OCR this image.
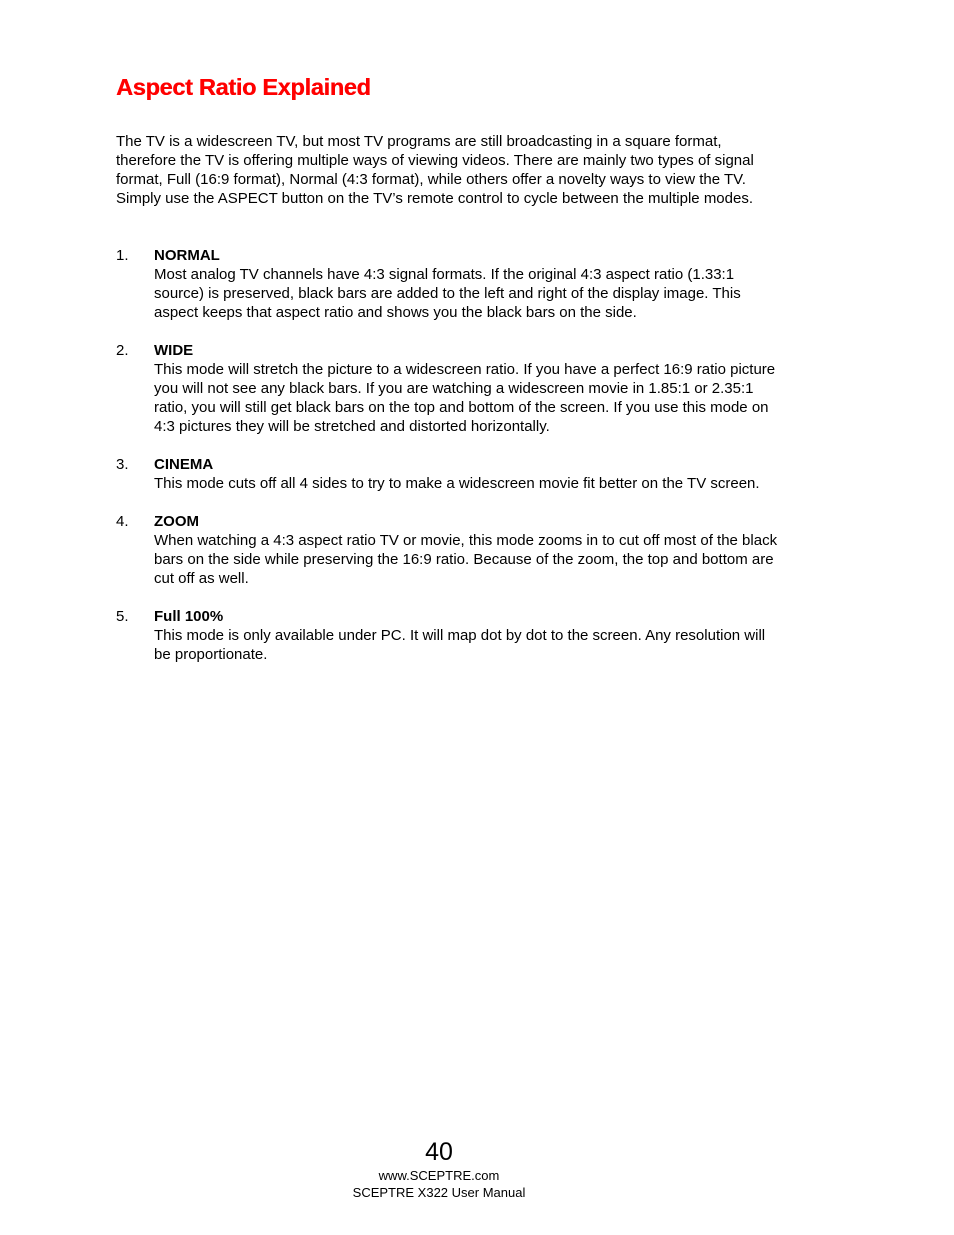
Aspect Ratio Explained

The TV is a widescreen TV, but most TV programs are still broadcasting in a square format, therefore the TV is offering multiple ways of viewing videos. There are mainly two types of signal format, Full (16:9 format), Normal (4:3 format), while others offer a novelty ways to view the TV. Simply use the ASPECT button on the TV’s remote control to cycle between the multiple modes.

1. NORMAL

Most analog TV channels have 4:3 signal formats. If the original 4:3 aspect ratio (1.33:1 source) is preserved, black bars are added to the left and right of the display image. This aspect keeps that aspect ratio and shows you the black bars on the side.

2. WIDE

This mode will stretch the picture to a widescreen ratio. If you have a perfect 16:9 ratio picture you will not see any black bars. If you are watching a widescreen movie in 1.85:1 or 2.35:1 ratio, you will still get black bars on the top and bottom of the screen. If you use this mode on 4:3 pictures they will be stretched and distorted horizontally.

3. CINEMA

This mode cuts off all 4 sides to try to make a widescreen movie fit better on the TV screen.

4. ZOOM

When watching a 4:3 aspect ratio TV or movie, this mode zooms in to cut off most of the black bars on the side while preserving the 16:9 ratio. Because of the zoom, the top and bottom are cut off as well.

5. Full 100%

This mode is only available under PC. It will map dot by dot to the screen. Any resolution will be proportionate.

40
www.SCEPTRE.com
SCEPTRE X322 User Manual
